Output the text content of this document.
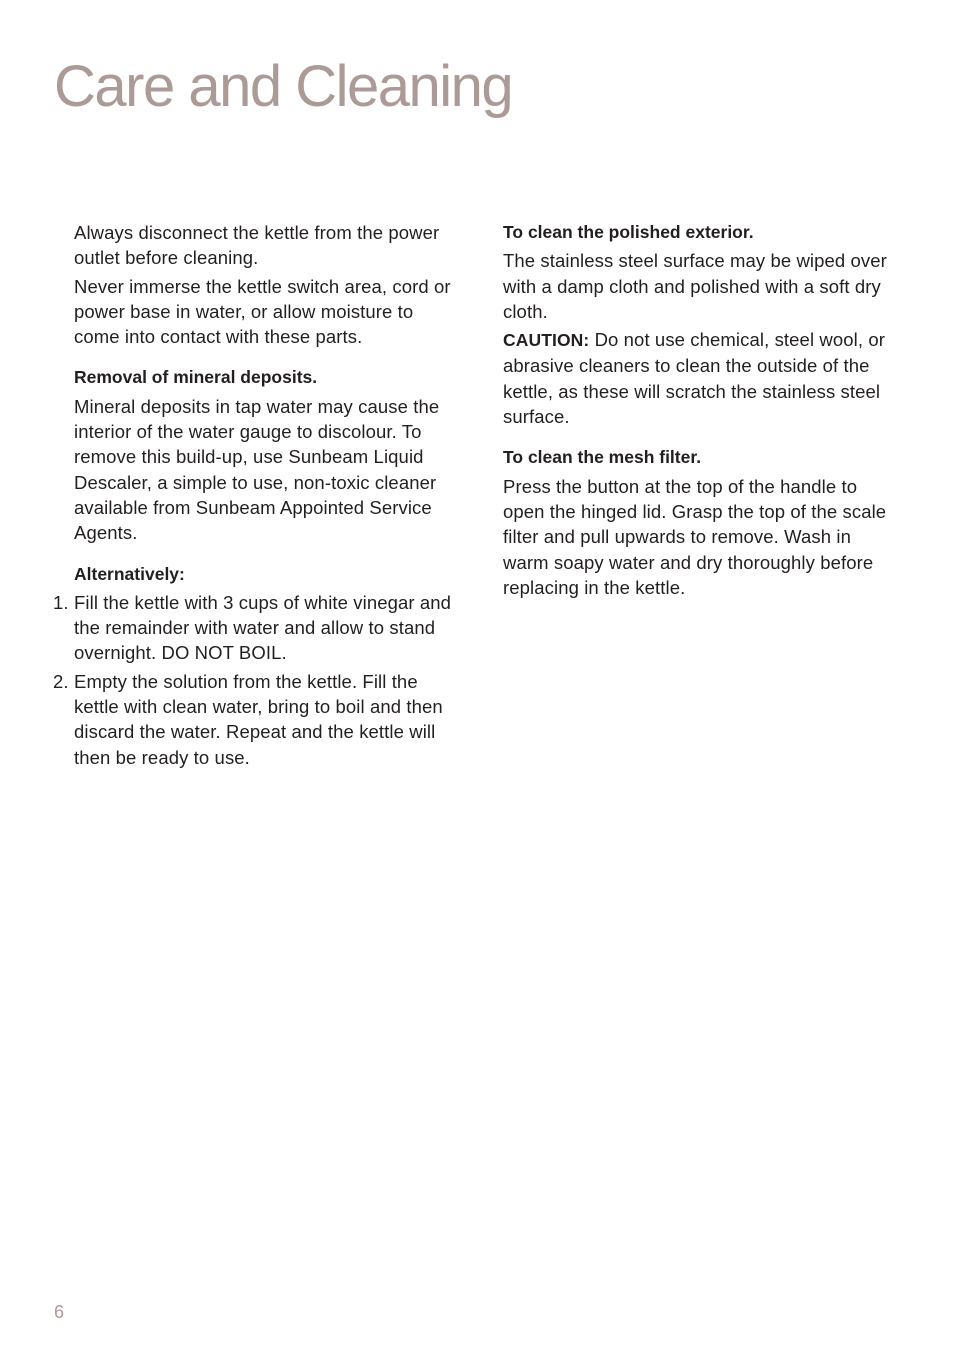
Care and Cleaning

Always disconnect the kettle from the power outlet before cleaning.

Never immerse the kettle switch area, cord or power base in water, or allow moisture to come into contact with these parts.

Removal of mineral deposits.

Mineral deposits in tap water may cause the interior of the water gauge to discolour. To remove this build-up, use Sunbeam Liquid Descaler, a simple to use, non-toxic cleaner available from Sunbeam Appointed Service Agents.

Alternatively:
1. Fill the kettle with 3 cups of white vinegar and the remainder with water and allow to stand overnight. DO NOT BOIL.
2. Empty the solution from the kettle. Fill the kettle with clean water, bring to boil and then discard the water. Repeat and the kettle will then be ready to use.
To clean the polished exterior.

The stainless steel surface may be wiped over with a damp cloth and polished with a soft dry cloth.

CAUTION: Do not use chemical, steel wool, or abrasive cleaners to clean the outside of the kettle, as these will scratch the stainless steel surface.

To clean the mesh filter.

Press the button at the top of the handle to open the hinged lid. Grasp the top of the scale filter and pull upwards to remove. Wash in warm soapy water and dry thoroughly before replacing in the kettle.

6
